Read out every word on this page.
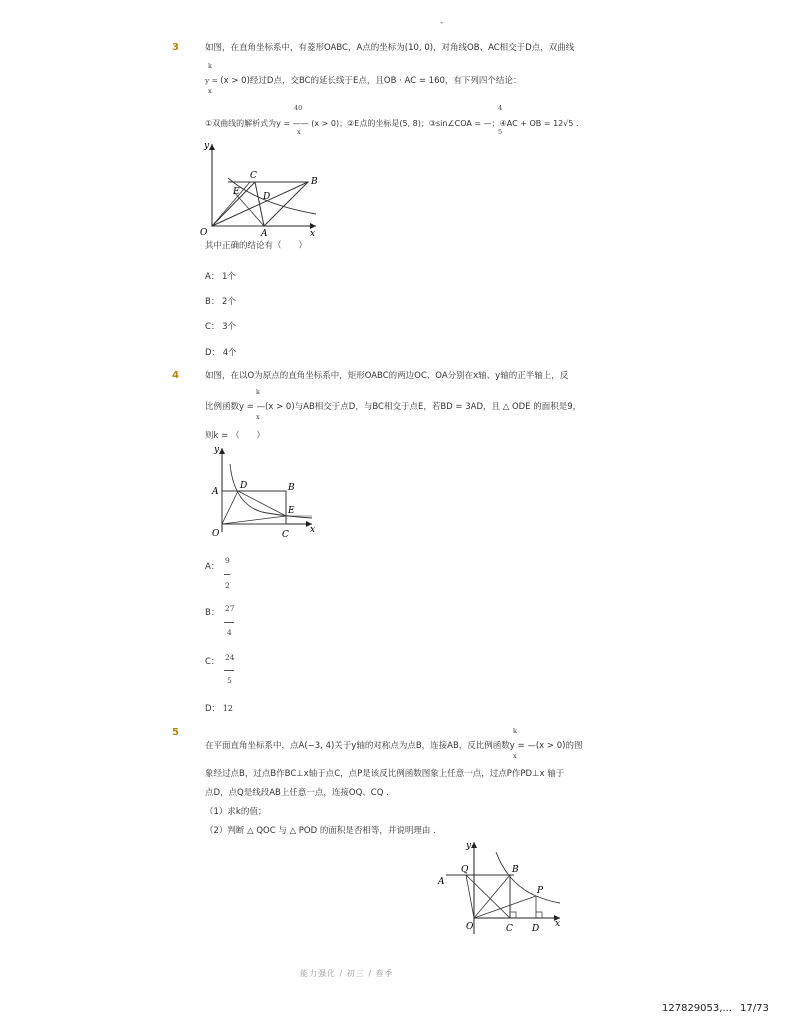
-
3	如图，在直角坐标系中，有菱形OABC，A点的坐标为(10, 0)，对角线OB、AC相交于D点，双曲线
k
y = (x > 0)经过D点，交BC的延长线于E点，且OB · AC = 160，有下列四个结论：
x
40	4
①双曲线的解析式为y = —— (x > 0)；②E点的坐标是(5, 8)；③sin∠COA = —；④AC + OB = 12√5 .
x	5
y
x
O	A
B
C
D
E
其中正确的结论有（　　）
A： 1个
B： 2个
C： 3个
D： 4个
4	如图，在以O为原点的直角坐标系中，矩形OABC的两边OC、OA分别在x轴、y轴的正半轴上，反
k
比例函数y = —(x > 0)与AB相交于点D，与BC相交于点E，若BD = 3AD，且 △ ODE 的面积是9，
x
则k = （　　）
y
x
O
A	B
C
D
E
A：
9
2
B： 27
4
C： 24
5
D： 12
5	k
在平面直角坐标系中，点A(−3, 4)关于y轴的对称点为点B，连接AB，反比例函数y = —(x > 0)的图
x
象经过点B，过点B作BC⊥x轴于点C，点P是该反比例函数图象上任意一点，过点P作PD⊥x 轴于
点D，点Q是线段AB上任意一点，连接OQ、CQ .
（1）求k的值；
（2）判断 △ QOC 与 △ POD 的面积是否相等，并说明理由 .
y
x
O
A
B
C D
P
Q
能力强化 / 初三 / 春季
127829053,... 17/73
